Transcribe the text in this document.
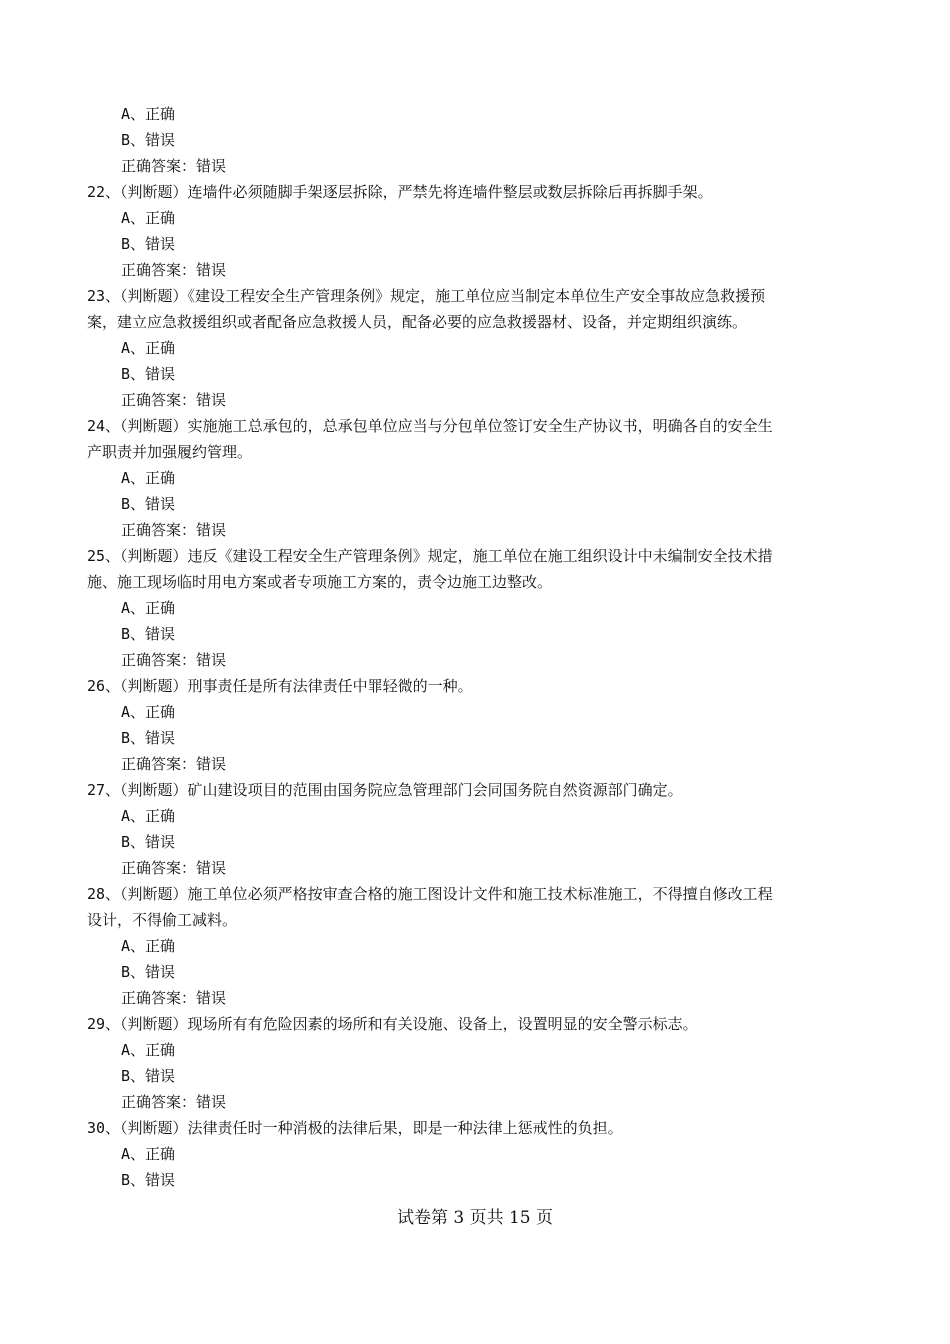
A、正确
B、错误
正确答案：错误
22、（判断题）连墙件必须随脚手架逐层拆除，严禁先将连墙件整层或数层拆除后再拆脚手架。
A、正确
B、错误
正确答案：错误
23、（判断题）《建设工程安全生产管理条例》规定，施工单位应当制定本单位生产安全事故应急救援预
案，建立应急救援组织或者配备应急救援人员，配备必要的应急救援器材、设备，并定期组织演练。
A、正确
B、错误
正确答案：错误
24、（判断题）实施施工总承包的，总承包单位应当与分包单位签订安全生产协议书，明确各自的安全生
产职责并加强履约管理。
A、正确
B、错误
正确答案：错误
25、（判断题）违反《建设工程安全生产管理条例》规定，施工单位在施工组织设计中未编制安全技术措
施、施工现场临时用电方案或者专项施工方案的，责令边施工边整改。
A、正确
B、错误
正确答案：错误
26、（判断题）刑事责任是所有法律责任中罪轻微的一种。
A、正确
B、错误
正确答案：错误
27、（判断题）矿山建设项目的范围由国务院应急管理部门会同国务院自然资源部门确定。
A、正确
B、错误
正确答案：错误
28、（判断题）施工单位必须严格按审查合格的施工图设计文件和施工技术标准施工，不得擅自修改工程
设计，不得偷工减料。
A、正确
B、错误
正确答案：错误
29、（判断题）现场所有有危险因素的场所和有关设施、设备上，设置明显的安全警示标志。
A、正确
B、错误
正确答案：错误
30、（判断题）法律责任时一种消极的法律后果，即是一种法律上惩戒性的负担。
A、正确
B、错误
试卷第 3 页共 15 页
